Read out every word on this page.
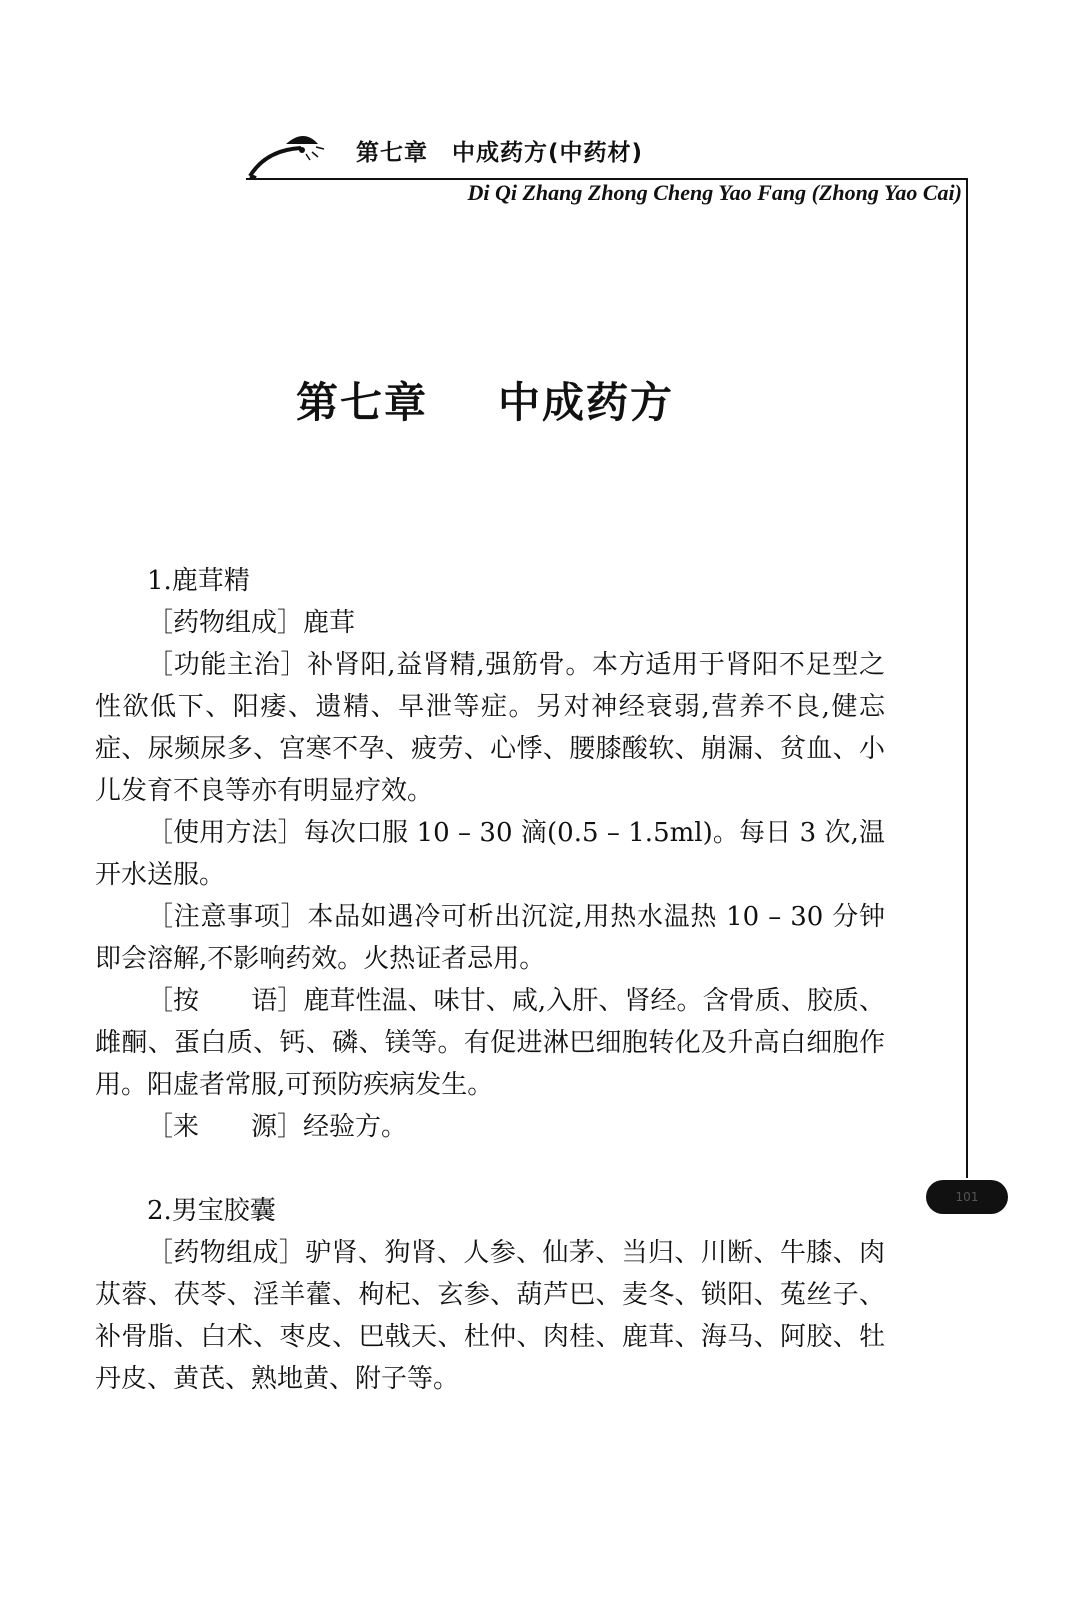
第七章　中成药方(中药材)
Di Qi Zhang Zhong Cheng Yao Fang (Zhong Yao Cai)
101
第七章 中成药方
1.鹿茸精

［药物组成］鹿茸

［功能主治］补肾阳,益肾精,强筋骨。本方适用于肾阳不足型之性欲低下、阳痿、遗精、早泄等症。另对神经衰弱,营养不良,健忘症、尿频尿多、宫寒不孕、疲劳、心悸、腰膝酸软、崩漏、贫血、小儿发育不良等亦有明显疗效。

［使用方法］每次口服 10 – 30 滴(0.5 – 1.5ml)。每日 3 次,温开水送服。

［注意事项］本品如遇冷可析出沉淀,用热水温热 10 – 30 分钟即会溶解,不影响药效。火热证者忌用。

［按　　语］鹿茸性温、味甘、咸,入肝、肾经。含骨质、胶质、雌酮、蛋白质、钙、磷、镁等。有促进淋巴细胞转化及升高白细胞作用。阳虚者常服,可预防疾病发生。

［来　　源］经验方。

2.男宝胶囊

［药物组成］驴肾、狗肾、人参、仙茅、当归、川断、牛膝、肉苁蓉、茯苓、淫羊藿、枸杞、玄参、葫芦巴、麦冬、锁阳、菟丝子、补骨脂、白术、枣皮、巴戟天、杜仲、肉桂、鹿茸、海马、阿胶、牡丹皮、黄芪、熟地黄、附子等。
